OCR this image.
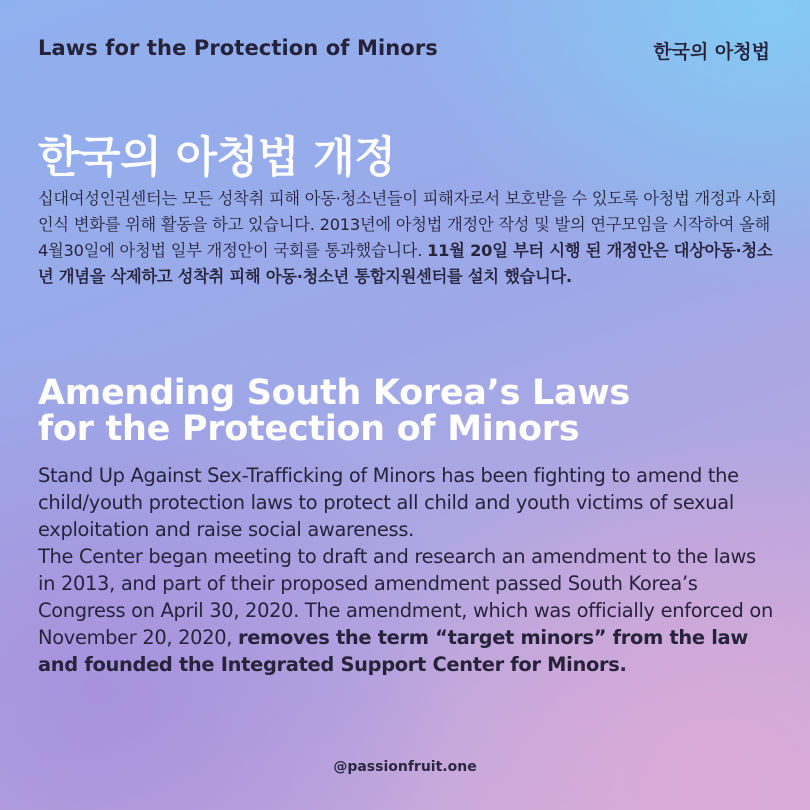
Laws for the Protection of Minors	한국의 아청법
한국의 아청법 개정
십대여성인권센터는 모든 성착취 피해 아동·청소년들이 피해자로서 보호받을 수 있도록 아청법 개정과 사회인식 변화를 위해 활동을 하고 있습니다. 2013년에 아청법 개정안 작성 및 발의 연구모임을 시작하여 올해 4월30일에 아청법 일부 개정안이 국회를 통과했습니다. 11월 20일 부터 시행 된 개정안은 대상아동·청소년 개념을 삭제하고 성착취 피해 아동·청소년 통합지원센터를 설치 했습니다.
Amending South Korea’s Laws
for the Protection of Minors
Stand Up Against Sex-Trafficking of Minors has been fighting to amend the child/youth protection laws to protect all child and youth victims of sexual exploitation and raise social awareness.
The Center began meeting to draft and research an amendment to the laws in 2013, and part of their proposed amendment passed South Korea’s Congress on April 30, 2020. The amendment, which was officially enforced on November 20, 2020, removes the term “target minors” from the law and founded the Integrated Support Center for Minors.
@passionfruit.one
